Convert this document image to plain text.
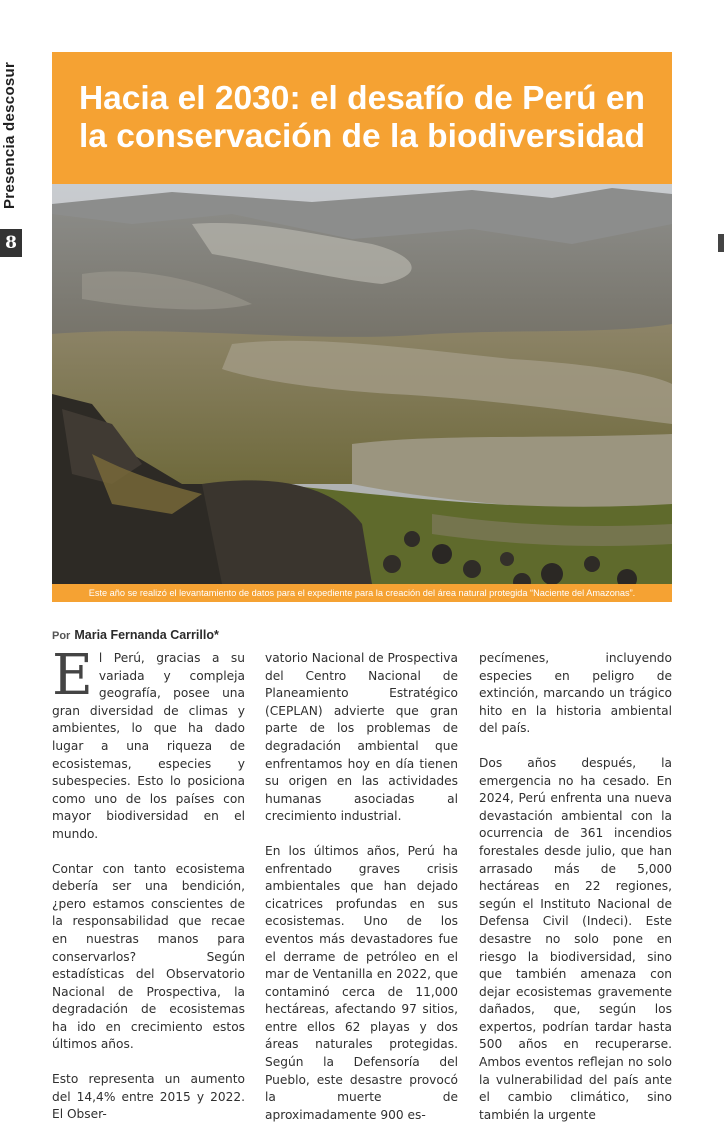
Presencia descosur
8
Hacia el 2030: el desafío de Perú en la conservación de la biodiversidad
Este año se realizó el levantamiento de datos para el expediente para la creación del área natural protegida “Naciente del Amazonas”.
Por Maria Fernanda Carrillo*

El Perú, gracias a su variada y compleja geografía, posee una gran diversidad de climas y ambientes, lo que ha dado lugar a una riqueza de ecosistemas, especies y subespecies. Esto lo posiciona como uno de los países con mayor biodiversidad en el mundo.

Contar con tanto ecosistema debería ser una bendición, ¿pero estamos conscientes de la responsabilidad que recae en nuestras manos para conservarlos? Según estadísticas del Observatorio Nacional de Prospectiva, la degradación de ecosistemas ha ido en crecimiento estos últimos años.

Esto representa un aumento del 14,4% entre 2015 y 2022. El Obser-

vatorio Nacional de Prospectiva del Centro Nacional de Planeamiento Estratégico (CEPLAN) advierte que gran parte de los problemas de degradación ambiental que enfrentamos hoy en día tienen su origen en las actividades humanas asociadas al crecimiento industrial.

En los últimos años, Perú ha enfrentado graves crisis ambientales que han dejado cicatrices profundas en sus ecosistemas. Uno de los eventos más devastadores fue el derrame de petróleo en el mar de Ventanilla en 2022, que contaminó cerca de 11,000 hectáreas, afectando 97 sitios, entre ellos 62 playas y dos áreas naturales protegidas. Según la Defensoría del Pueblo, este desastre provocó la muerte de aproximadamente 900 es-

pecímenes, incluyendo especies en peligro de extinción, marcando un trágico hito en la historia ambiental del país.

Dos años después, la emergencia no ha cesado. En 2024, Perú enfrenta una nueva devastación ambiental con la ocurrencia de 361 incendios forestales desde julio, que han arrasado más de 5,000 hectáreas en 22 regiones, según el Instituto Nacional de Defensa Civil (Indeci). Este desastre no solo pone en riesgo la biodiversidad, sino que también amenaza con dejar ecosistemas gravemente dañados, que, según los expertos, podrían tardar hasta 500 años en recuperarse. Ambos eventos reflejan no solo la vulnerabilidad del país ante el cambio climático, sino también la urgente
